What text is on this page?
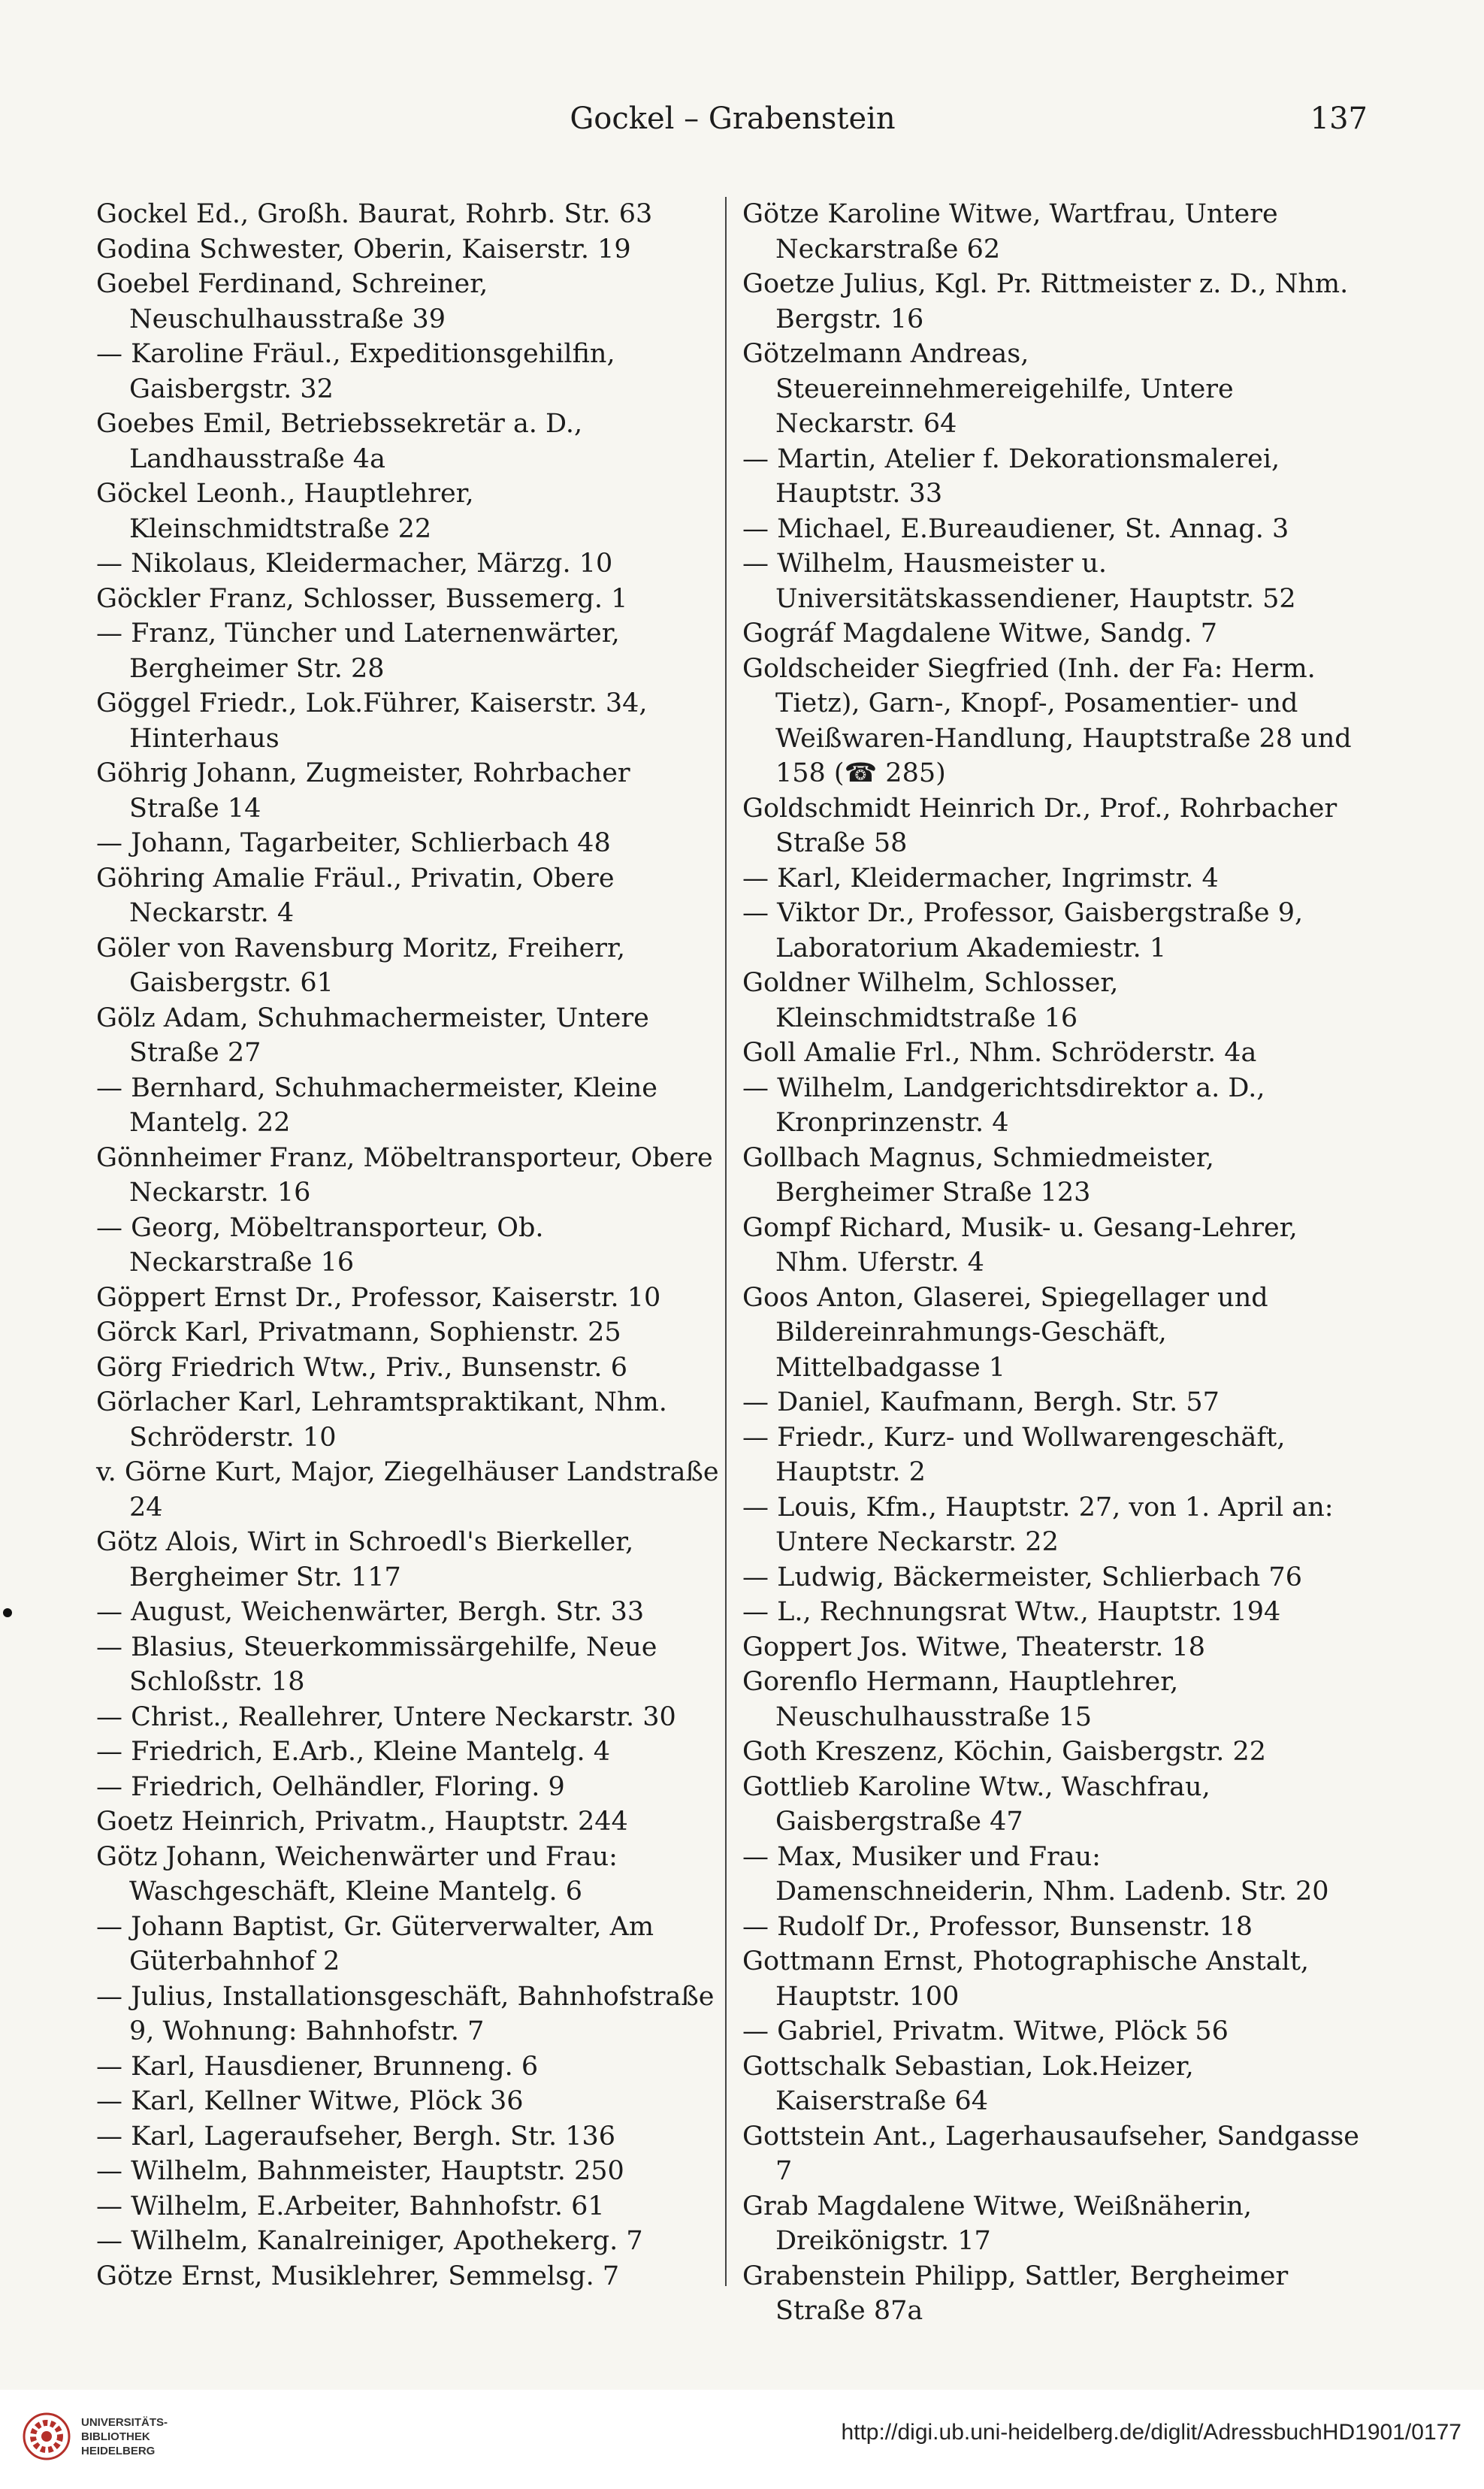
Gockel – Grabenstein	137

Gockel Ed., Großh. Baurat, Rohrb. Str. 63

Godina Schwester, Oberin, Kaiserstr. 19

Goebel Ferdinand, Schreiner, Neuschulhausstraße 39

— Karoline Fräul., Expeditionsgehilfin, Gaisbergstr. 32

Goebes Emil, Betriebssekretär a. D., Landhausstraße 4a

Göckel Leonh., Hauptlehrer, Kleinschmidtstraße 22

— Nikolaus, Kleidermacher, Märzg. 10

Göckler Franz, Schlosser, Bussemerg. 1

— Franz, Tüncher und Laternenwärter, Bergheimer Str. 28

Göggel Friedr., Lok.Führer, Kaiserstr. 34, Hinterhaus

Göhrig Johann, Zugmeister, Rohrbacher Straße 14

— Johann, Tagarbeiter, Schlierbach 48

Göhring Amalie Fräul., Privatin, Obere Neckarstr. 4

Göler von Ravensburg Moritz, Freiherr, Gaisbergstr. 61

Gölz Adam, Schuhmachermeister, Untere Straße 27

— Bernhard, Schuhmachermeister, Kleine Mantelg. 22

Gönnheimer Franz, Möbeltransporteur, Obere Neckarstr. 16

— Georg, Möbeltransporteur, Ob. Neckarstraße 16

Göppert Ernst Dr., Professor, Kaiserstr. 10

Görck Karl, Privatmann, Sophienstr. 25

Görg Friedrich Wtw., Priv., Bunsenstr. 6

Görlacher Karl, Lehramtspraktikant, Nhm. Schröderstr. 10

v. Görne Kurt, Major, Ziegelhäuser Landstraße 24

Götz Alois, Wirt in Schroedl's Bierkeller, Bergheimer Str. 117

— August, Weichenwärter, Bergh. Str. 33

— Blasius, Steuerkommissärgehilfe, Neue Schloßstr. 18

— Christ., Reallehrer, Untere Neckarstr. 30

— Friedrich, E.Arb., Kleine Mantelg. 4

— Friedrich, Oelhändler, Floring. 9

Goetz Heinrich, Privatm., Hauptstr. 244

Götz Johann, Weichenwärter und Frau: Waschgeschäft, Kleine Mantelg. 6

— Johann Baptist, Gr. Güterverwalter, Am Güterbahnhof 2

— Julius, Installationsgeschäft, Bahnhofstraße 9, Wohnung: Bahnhofstr. 7

— Karl, Hausdiener, Brunneng. 6

— Karl, Kellner Witwe, Plöck 36

— Karl, Lageraufseher, Bergh. Str. 136

— Wilhelm, Bahnmeister, Hauptstr. 250

— Wilhelm, E.Arbeiter, Bahnhofstr. 61

— Wilhelm, Kanalreiniger, Apothekerg. 7

Götze Ernst, Musiklehrer, Semmelsg. 7

Götze Karoline Witwe, Wartfrau, Untere Neckarstraße 62

Goetze Julius, Kgl. Pr. Rittmeister z. D., Nhm. Bergstr. 16

Götzelmann Andreas, Steuereinnehmereigehilfe, Untere Neckarstr. 64

— Martin, Atelier f. Dekorationsmalerei, Hauptstr. 33

— Michael, E.Bureaudiener, St. Annag. 3

— Wilhelm, Hausmeister u. Universitätskassendiener, Hauptstr. 52

Gográf Magdalene Witwe, Sandg. 7

Goldscheider Siegfried (Inh. der Fa: Herm. Tietz), Garn-, Knopf-, Posamentier- und Weißwaren-Handlung, Hauptstraße 28 und 158 (☎ 285)

Goldschmidt Heinrich Dr., Prof., Rohrbacher Straße 58

— Karl, Kleidermacher, Ingrimstr. 4

— Viktor Dr., Professor, Gaisbergstraße 9, Laboratorium Akademiestr. 1

Goldner Wilhelm, Schlosser, Kleinschmidtstraße 16

Goll Amalie Frl., Nhm. Schröderstr. 4a

— Wilhelm, Landgerichtsdirektor a. D., Kronprinzenstr. 4

Gollbach Magnus, Schmiedmeister, Bergheimer Straße 123

Gompf Richard, Musik- u. Gesang-Lehrer, Nhm. Uferstr. 4

Goos Anton, Glaserei, Spiegellager und Bildereinrahmungs-Geschäft, Mittelbadgasse 1

— Daniel, Kaufmann, Bergh. Str. 57

— Friedr., Kurz- und Wollwarengeschäft, Hauptstr. 2

— Louis, Kfm., Hauptstr. 27, von 1. April an: Untere Neckarstr. 22

— Ludwig, Bäckermeister, Schlierbach 76

— L., Rechnungsrat Wtw., Hauptstr. 194

Goppert Jos. Witwe, Theaterstr. 18

Gorenflo Hermann, Hauptlehrer, Neuschulhausstraße 15

Goth Kreszenz, Köchin, Gaisbergstr. 22

Gottlieb Karoline Wtw., Waschfrau, Gaisbergstraße 47

— Max, Musiker und Frau: Damenschneiderin, Nhm. Ladenb. Str. 20

— Rudolf Dr., Professor, Bunsenstr. 18

Gottmann Ernst, Photographische Anstalt, Hauptstr. 100

— Gabriel, Privatm. Witwe, Plöck 56

Gottschalk Sebastian, Lok.Heizer, Kaiserstraße 64

Gottstein Ant., Lagerhausaufseher, Sandgasse 7

Grab Magdalene Witwe, Weißnäherin, Dreikönigstr. 17

Grabenstein Philipp, Sattler, Bergheimer Straße 87a

UNIVERSITÄTS-
BIBLIOTHEK
HEIDELBERG
http://digi.ub.uni-heidelberg.de/diglit/AdressbuchHD1901/0177
